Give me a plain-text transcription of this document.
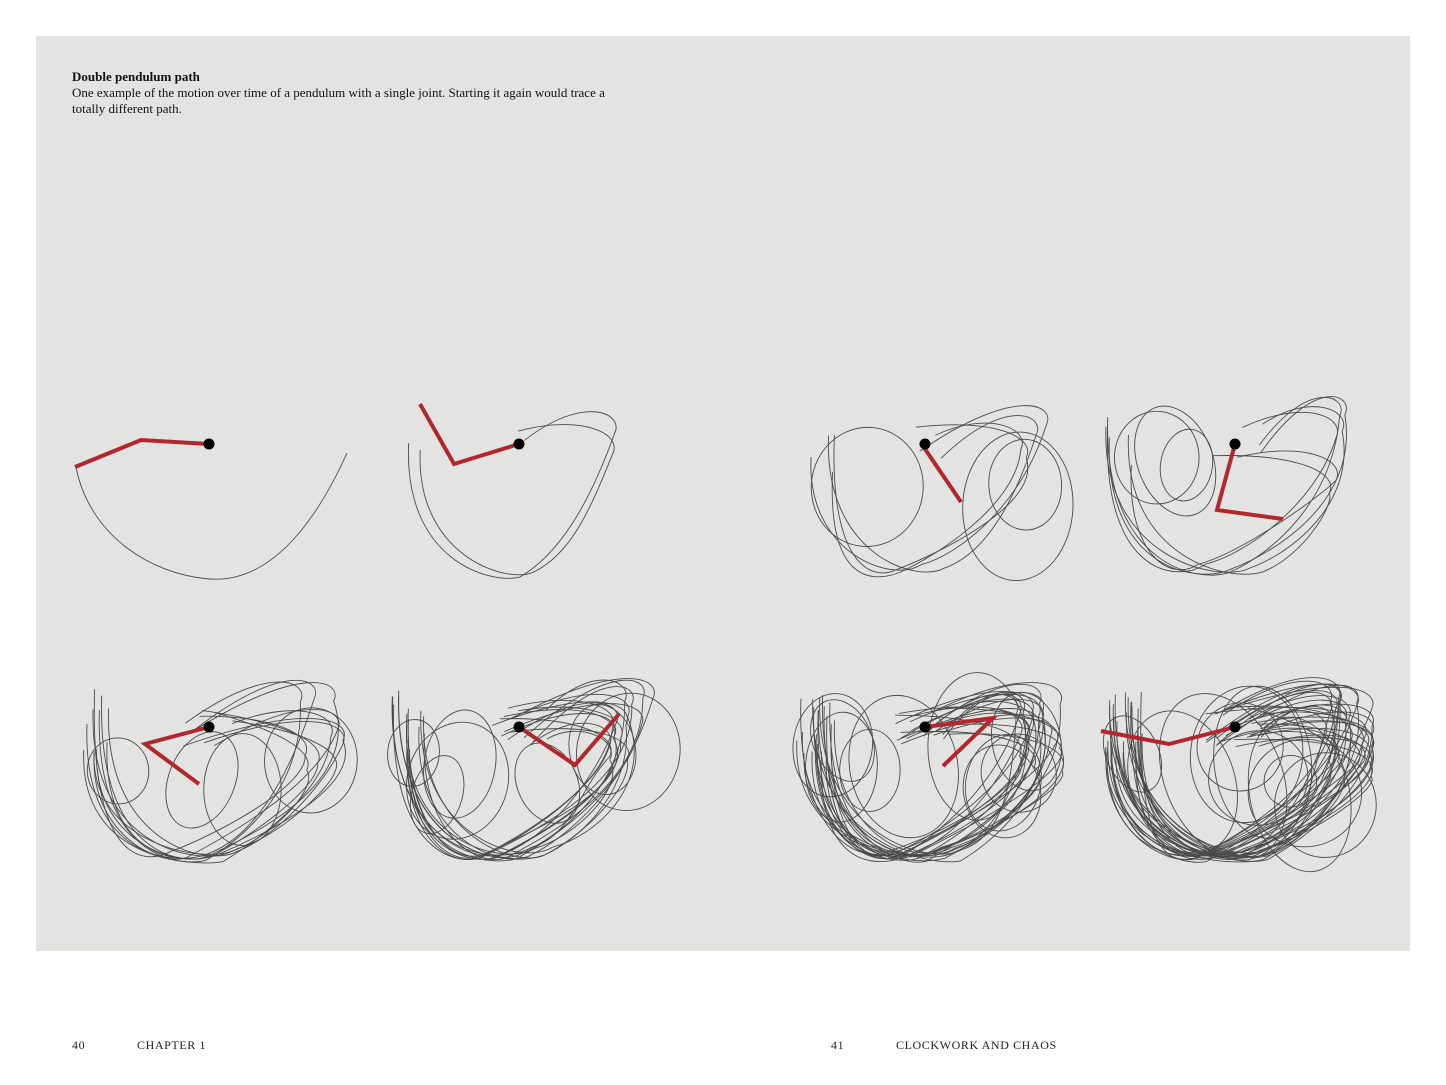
Double pendulum path
One example of the motion over time of a pendulum with a single joint. Starting it again would trace a totally different path.
40	CHAPTER 1	41	CLOCKWORK AND CHAOS
